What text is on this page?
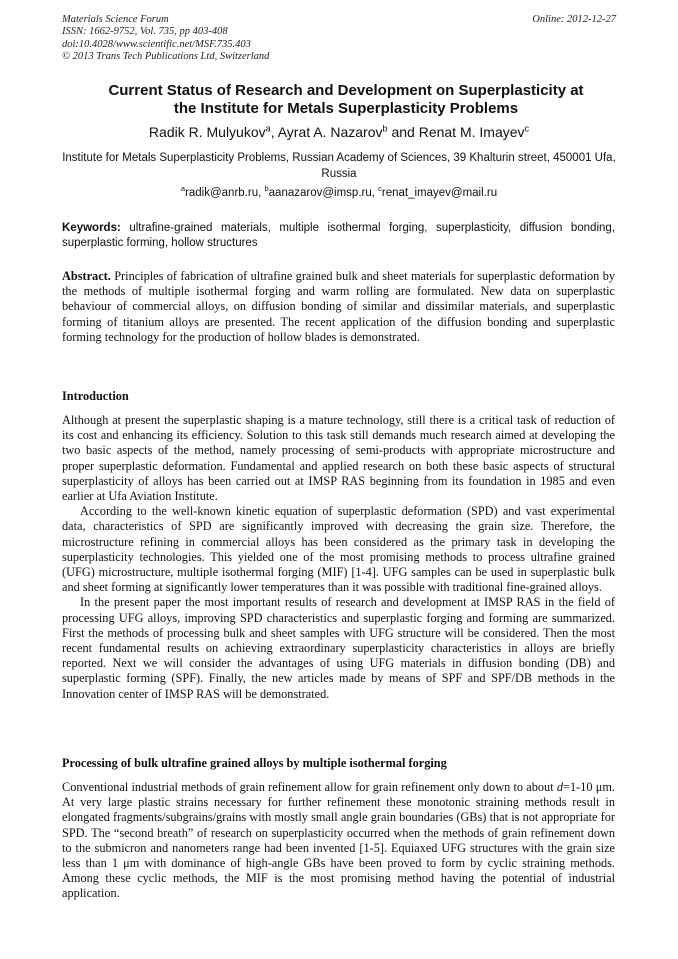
Materials Science Forum
ISSN: 1662-9752, Vol. 735, pp 403-408
doi:10.4028/www.scientific.net/MSF.735.403
© 2013 Trans Tech Publications Ltd, Switzerland
Online: 2012-12-27
Current Status of Research and Development on Superplasticity at the Institute for Metals Superplasticity Problems
Radik R. Mulyukov$^a$, Ayrat A. Nazarov$^b$ and Renat M. Imayev$^c$
Institute for Metals Superplasticity Problems, Russian Academy of Sciences, 39 Khalturin street, 450001 Ufa, Russia
$^a$radik@anrb.ru, $^b$aanazarov@imsp.ru, $^c$renat_imayev@mail.ru
Keywords: ultrafine-grained materials, multiple isothermal forging, superplasticity, diffusion bonding, superplastic forming, hollow structures
Abstract. Principles of fabrication of ultrafine grained bulk and sheet materials for superplastic deformation by the methods of multiple isothermal forging and warm rolling are formulated. New data on superplastic behaviour of commercial alloys, on diffusion bonding of similar and dissimilar materials, and superplastic forming of titanium alloys are presented. The recent application of the diffusion bonding and superplastic forming technology for the production of hollow blades is demonstrated.
Introduction

Although at present the superplastic shaping is a mature technology, still there is a critical task of reduction of its cost and enhancing its efficiency. Solution to this task still demands much research aimed at developing the two basic aspects of the method, namely processing of semi-products with appropriate microstructure and proper superplastic deformation. Fundamental and applied research on both these basic aspects of structural superplasticity of alloys has been carried out at IMSP RAS beginning from its foundation in 1985 and even earlier at Ufa Aviation Institute.

According to the well-known kinetic equation of superplastic deformation (SPD) and vast experimental data, characteristics of SPD are significantly improved with decreasing the grain size. Therefore, the microstructure refining in commercial alloys has been considered as the primary task in developing the superplasticity technologies. This yielded one of the most promising methods to process ultrafine grained (UFG) microstructure, multiple isothermal forging (MIF) [1-4]. UFG samples can be used in superplastic bulk and sheet forming at significantly lower temperatures than it was possible with traditional fine-grained alloys.

In the present paper the most important results of research and development at IMSP RAS in the field of processing UFG alloys, improving SPD characteristics and superplastic forging and forming are summarized. First the methods of processing bulk and sheet samples with UFG structure will be considered. Then the most recent fundamental results on achieving extraordinary superplasticity characteristics in alloys are briefly reported. Next we will consider the advantages of using UFG materials in diffusion bonding (DB) and superplastic forming (SPF). Finally, the new articles made by means of SPF and SPF/DB methods in the Innovation center of IMSP RAS will be demonstrated.

Processing of bulk ultrafine grained alloys by multiple isothermal forging

Conventional industrial methods of grain refinement allow for grain refinement only down to about d=1-10 μm. At very large plastic strains necessary for further refinement these monotonic straining methods result in elongated fragments/subgrains/grains with mostly small angle grain boundaries (GBs) that is not appropriate for SPD. The “second breath” of research on superplasticity occurred when the methods of grain refinement down to the submicron and nanometers range had been invented [1-5]. Equiaxed UFG structures with the grain size less than 1 μm with dominance of high-angle GBs have been proved to form by cyclic straining methods. Among these cyclic methods, the MIF is the most promising method having the potential of industrial application.
